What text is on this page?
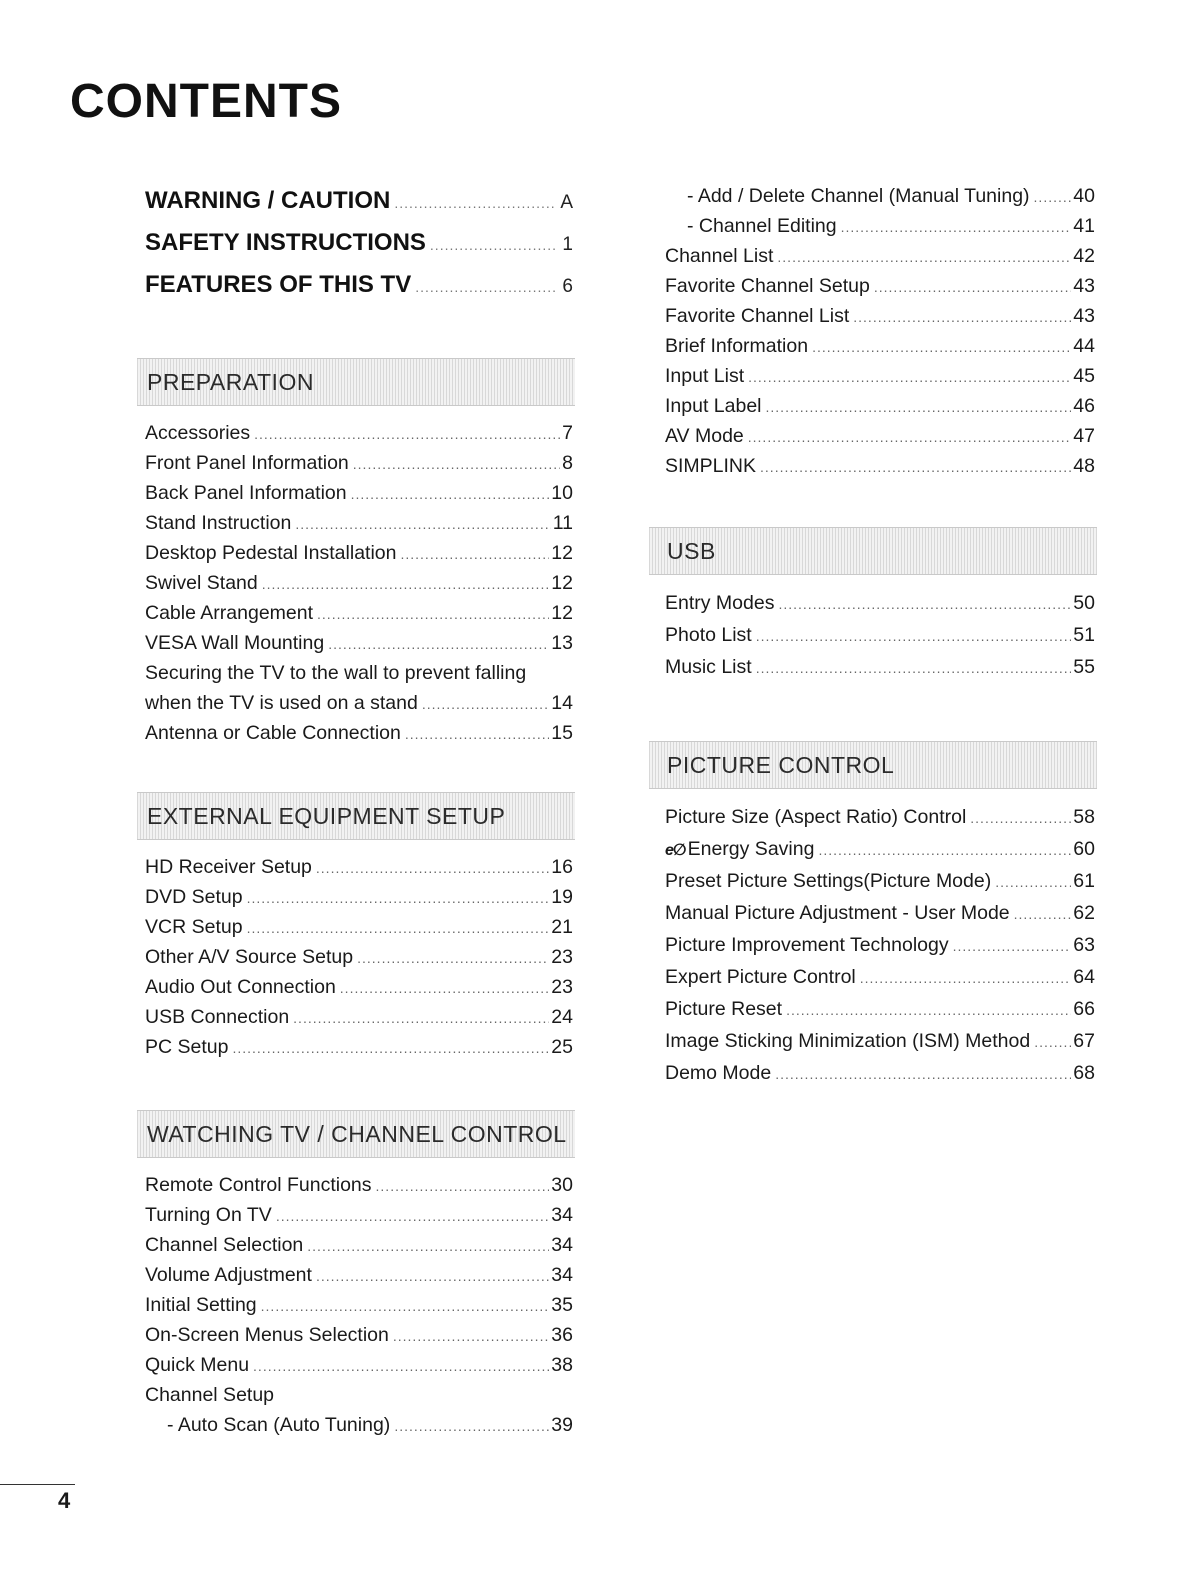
CONTENTS
WARNING / CAUTION .....	A
SAFETY INSTRUCTIONS .....	1
FEATURES OF THIS TV .....	6
PREPARATION
Accessories .....	7
Front Panel Information .....	8
Back Panel Information .....	10
Stand Instruction .....	11
Desktop Pedestal Installation .....	12
Swivel Stand .....	12
Cable Arrangement .....	12
VESA Wall Mounting .....	13
Securing the TV to the wall to prevent falling
when the TV is used on a stand .....	14
Antenna or Cable Connection .....	15
EXTERNAL EQUIPMENT SETUP
HD Receiver Setup .....	16
DVD Setup .....	19
VCR Setup .....	21
Other A/V Source Setup .....	23
Audio Out Connection .....	23
USB Connection .....	24
PC Setup .....	25
WATCHING TV / CHANNEL CONTROL
Remote Control Functions .....	30
Turning On TV .....	34
Channel Selection .....	34
Volume Adjustment .....	34
Initial Setting .....	35
On-Screen Menus Selection .....	36
Quick Menu .....	38
Channel Setup
- Auto Scan (Auto Tuning) .....	39
- Add / Delete Channel (Manual Tuning) ..... 40
- Channel Editing .....	41
Channel List .....	42
Favorite Channel Setup .....	43
Favorite Channel List .....	43
Brief Information .....	44
Input List .....	45
Input Label .....	46
AV Mode .....	47
SIMPLINK .....	48
USB
Entry Modes .....	50
Photo List .....	51
Music List .....	55
PICTURE CONTROL
Picture Size (Aspect Ratio) Control .....	58
e∅ Energy Saving .....	60
Preset Picture Settings(Picture Mode) .....	61
Manual Picture Adjustment - User Mode .....	62
Picture Improvement Technology .....	63
Expert Picture Control .....	64
Picture Reset .....	66
Image Sticking Minimization (ISM) Method ..... 67
Demo Mode .....	68
4
